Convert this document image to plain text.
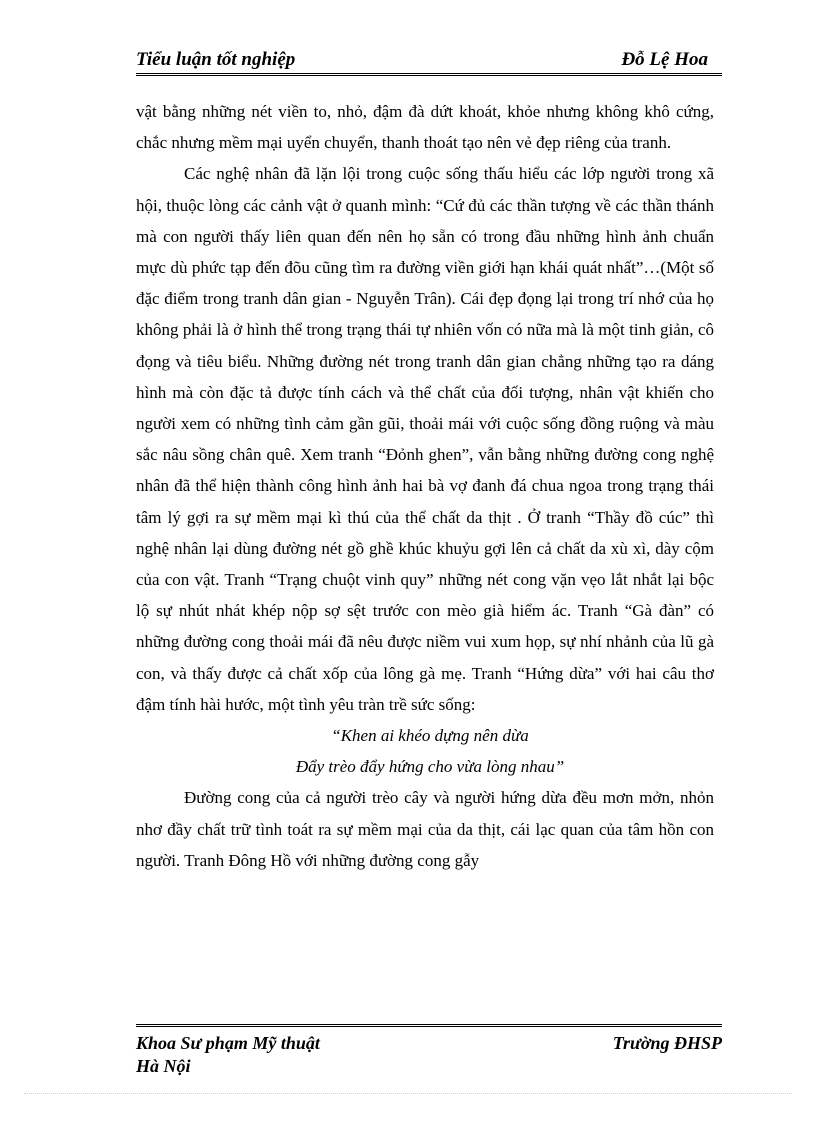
Tiểu luận tốt nghiệp	Đỗ Lệ Hoa

vật bằng những nét viền to, nhỏ, đậm đà dứt khoát, khỏe nhưng không khô cứng, chắc nhưng mềm mại uyển chuyển, thanh thoát tạo nên vẻ đẹp riêng của tranh.

Các nghệ nhân đã lặn lội trong cuộc sống thấu hiểu các lớp người trong xã hội, thuộc lòng các cảnh vật ở quanh mình: “Cứ đủ các thần tượng về các thần thánh mà con người thấy liên quan đến nên họ sẵn có trong đầu những hình ảnh chuẩn mực dù phức tạp đến đõu cũng tìm ra đường viền giới hạn khái quát nhất”…(Một số đặc điểm trong tranh dân gian - Nguyễn Trân). Cái đẹp đọng lại trong trí nhớ của họ không phải là ở hình thể trong trạng thái tự nhiên vốn có nữa mà là một tinh giản, cô đọng và tiêu biểu. Những đường nét trong tranh dân gian chẳng những tạo ra dáng hình mà còn đặc tả được tính cách và thể chất của đối tượng, nhân vật khiến cho người xem có những tình cảm gần gũi, thoải mái với cuộc sống đồng ruộng và màu sắc nâu sồng chân quê. Xem tranh “Đỏnh ghen”, vẫn bằng những đường cong nghệ nhân đã thể hiện thành công hình ảnh hai bà vợ đanh đá chua ngoa trong trạng thái tâm lý gợi ra sự mềm mại kì thú của thể chất da thịt . Ở tranh “Thầy đồ cúc” thì nghệ nhân lại dùng đường nét gồ ghề khúc khuỷu gợi lên cả chất da xù xì, dày cộm của con vật. Tranh “Trạng chuột vinh quy” những nét cong vặn vẹo lắt nhắt lại bộc lộ sự nhút nhát khép nộp sợ sệt trước con mèo già hiểm ác. Tranh “Gà đàn” có những đường cong thoải mái đã nêu được niềm vui xum họp, sự nhí nhảnh của lũ gà con, và thấy được cả chất xốp của lông gà mẹ. Tranh “Hứng dừa” với hai câu thơ đậm tính hài hước, một tình yêu tràn trề sức sống:

“Khen ai khéo dựng nên dừa

Đẩy trèo đẩy hứng cho vừa lòng nhau”

Đường cong của cả người trèo cây và người hứng dừa đều mơn mởn, nhỏn nhơ đầy chất trữ tình toát ra sự mềm mại của da thịt, cái lạc quan của tâm hồn con người. Tranh Đông Hồ với những đường cong gẫy

Khoa Sư phạm Mỹ thuật	Trường ĐHSP
Hà Nội
